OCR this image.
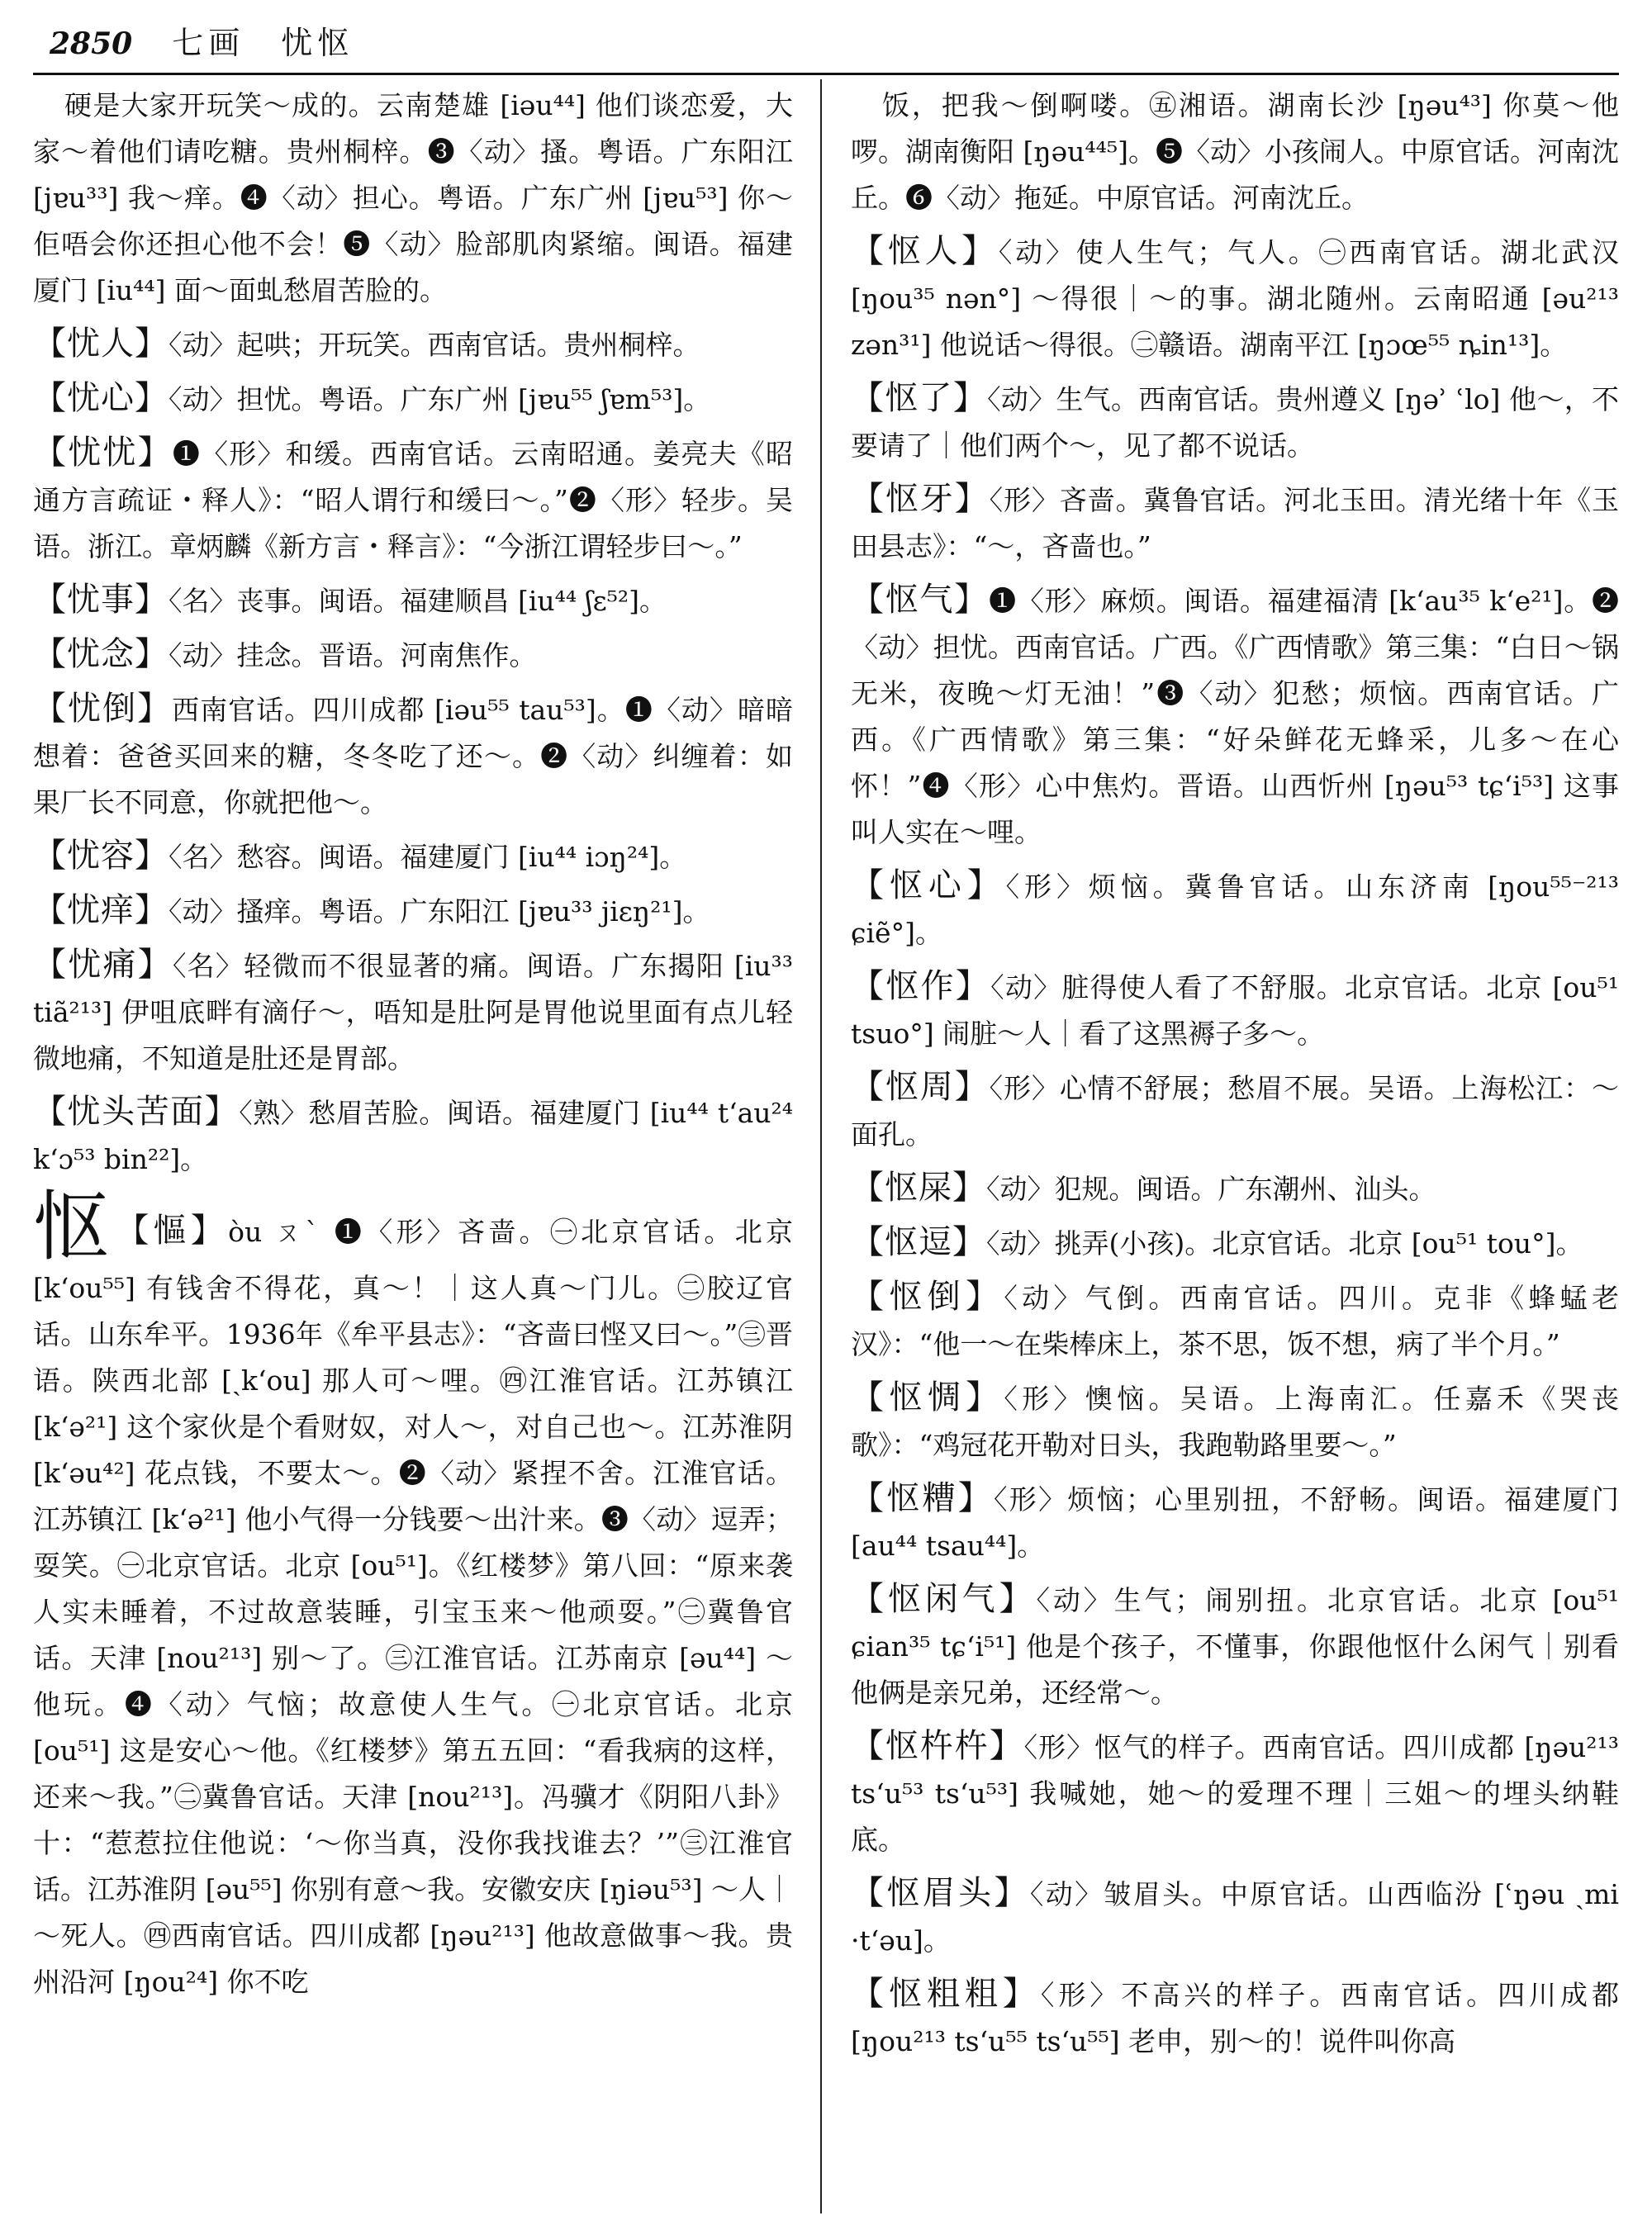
2850 七画　忧怄

硬是大家开玩笑～成的。云南楚雄 [iəu⁴⁴] 他们谈恋爱，大家～着他们请吃糖。贵州桐梓。❸〈动〉搔。粤语。广东阳江 [jɐu³³] 我～痒。❹〈动〉担心。粤语。广东广州 [jɐu⁵³] 你～佢唔会你还担心他不会！❺〈动〉脸部肌肉紧缩。闽语。福建厦门 [iu⁴⁴] 面～面虬愁眉苦脸的。

【忧人】〈动〉起哄；开玩笑。西南官话。贵州桐梓。

【忧心】〈动〉担忧。粤语。广东广州 [jɐu⁵⁵ ʃɐm⁵³]。

【忧忧】❶〈形〉和缓。西南官话。云南昭通。姜亮夫《昭通方言疏证・释人》：“昭人谓行和缓曰～。”❷〈形〉轻步。吴语。浙江。章炳麟《新方言・释言》：“今浙江谓轻步曰～。”

【忧事】〈名〉丧事。闽语。福建顺昌 [iu⁴⁴ ʃɛ⁵²]。

【忧念】〈动〉挂念。晋语。河南焦作。

【忧倒】西南官话。四川成都 [iəu⁵⁵ tau⁵³]。❶〈动〉暗暗想着：爸爸买回来的糖，冬冬吃了还～。❷〈动〉纠缠着：如果厂长不同意，你就把他～。

【忧容】〈名〉愁容。闽语。福建厦门 [iu⁴⁴ iɔŋ²⁴]。

【忧痒】〈动〉搔痒。粤语。广东阳江 [jɐu³³ jiɛŋ²¹]。

【忧痛】〈名〉轻微而不很显著的痛。闽语。广东揭阳 [iu³³ tiã²¹³] 伊咀底畔有滴仔～，唔知是肚阿是胃他说里面有点儿轻微地痛，不知道是肚还是胃部。

【忧头苦面】〈熟〉愁眉苦脸。闽语。福建厦门 [iu⁴⁴ tʻau²⁴ kʻɔ⁵³ bin²²]。

怄 【慪】òu ㄡˋ ❶〈形〉吝啬。㊀北京官话。北京 [kʻou⁵⁵] 有钱舍不得花，真～！｜这人真～门儿。㊁胶辽官话。山东牟平。1936年《牟平县志》：“吝啬曰悭又曰～。”㊂晋语。陕西北部 [ˏkʻou] 那人可～哩。㊃江淮官话。江苏镇江 [kʻə²¹] 这个家伙是个看财奴，对人～，对自己也～。江苏淮阴 [kʻəu⁴²] 花点钱，不要太～。❷〈动〉紧捏不舍。江淮官话。江苏镇江 [kʻə²¹] 他小气得一分钱要～出汁来。❸〈动〉逗弄；耍笑。㊀北京官话。北京 [ou⁵¹]。《红楼梦》第八回：“原来袭人实未睡着，不过故意装睡，引宝玉来～他顽耍。”㊁冀鲁官话。天津 [nou²¹³] 别～了。㊂江淮官话。江苏南京 [əu⁴⁴] ～他玩。❹〈动〉气恼；故意使人生气。㊀北京官话。北京 [ou⁵¹] 这是安心～他。《红楼梦》第五五回：“看我病的这样，还来～我。”㊁冀鲁官话。天津 [nou²¹³]。冯骥才《阴阳八卦》十：“惹惹拉住他说：‘～你当真，没你我找谁去？’”㊂江淮官话。江苏淮阴 [əu⁵⁵] 你别有意～我。安徽安庆 [ŋiəu⁵³] ～人｜～死人。㊃西南官话。四川成都 [ŋəu²¹³] 他故意做事～我。贵州沿河 [ŋou²⁴] 你不吃

饭，把我～倒啊喽。㊄湘语。湖南长沙 [ŋəu⁴³] 你莫～他啰。湖南衡阳 [ŋəu⁴⁴⁵]。❺〈动〉小孩闹人。中原官话。河南沈丘。❻〈动〉拖延。中原官话。河南沈丘。

【怄人】〈动〉使人生气；气人。㊀西南官话。湖北武汉 [ŋou³⁵ nən°] ～得很｜～的事。湖北随州。云南昭通 [əu²¹³ zən³¹] 他说话～得很。㊁赣语。湖南平江 [ŋɔœ⁵⁵ ȵin¹³]。

【怄了】〈动〉生气。西南官话。贵州遵义 [ŋəʾ ʿlo] 他～，不要请了｜他们两个～，见了都不说话。

【怄牙】〈形〉吝啬。冀鲁官话。河北玉田。清光绪十年《玉田县志》：“～，吝啬也。”

【怄气】❶〈形〉麻烦。闽语。福建福清 [kʻau³⁵ kʻe²¹]。❷〈动〉担忧。西南官话。广西。《广西情歌》第三集：“白日～锅无米，夜晚～灯无油！”❸〈动〉犯愁；烦恼。西南官话。广西。《广西情歌》第三集：“好朵鲜花无蜂采，儿多～在心怀！”❹〈形〉心中焦灼。晋语。山西忻州 [ŋəu⁵³ tɕʻi⁵³] 这事叫人实在～哩。

【怄心】〈形〉烦恼。冀鲁官话。山东济南 [ŋou⁵⁵⁻²¹³ ɕiẽ°]。

【怄作】〈动〉脏得使人看了不舒服。北京官话。北京 [ou⁵¹ tsuo°] 闹脏～人｜看了这黑褥子多～。

【怄周】〈形〉心情不舒展；愁眉不展。吴语。上海松江：～面孔。

【怄屎】〈动〉犯规。闽语。广东潮州、汕头。

【怄逗】〈动〉挑弄(小孩)。北京官话。北京 [ou⁵¹ tou°]。

【怄倒】〈动〉气倒。西南官话。四川。克非《蜂蜢老汉》：“他一～在柴棒床上，茶不思，饭不想，病了半个月。”

【怄惆】〈形〉懊恼。吴语。上海南汇。任嘉禾《哭丧歌》：“鸡冠花开勒对日头，我跑勒路里要～。”

【怄糟】〈形〉烦恼；心里别扭，不舒畅。闽语。福建厦门 [au⁴⁴ tsau⁴⁴]。

【怄闲气】〈动〉生气；闹别扭。北京官话。北京 [ou⁵¹ ɕian³⁵ tɕʻi⁵¹] 他是个孩子，不懂事，你跟他怄什么闲气｜别看他俩是亲兄弟，还经常～。

【怄杵杵】〈形〉怄气的样子。西南官话。四川成都 [ŋəu²¹³ tsʻu⁵³ tsʻu⁵³] 我喊她，她～的爱理不理｜三姐～的埋头纳鞋底。

【怄眉头】〈动〉皱眉头。中原官话。山西临汾 [ʿŋəu ˏmi ·tʻəu]。

【怄粗粗】〈形〉不高兴的样子。西南官话。四川成都 [ŋou²¹³ tsʻu⁵⁵ tsʻu⁵⁵] 老申，别～的！说件叫你高
